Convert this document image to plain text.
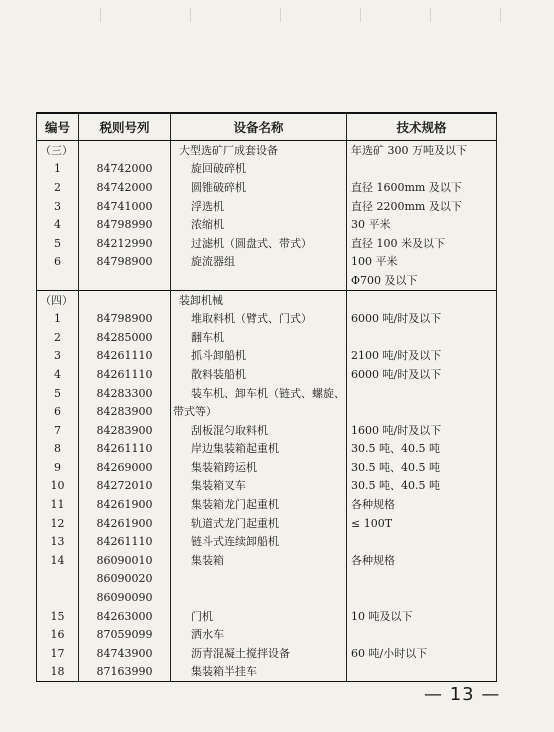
编号	税则号列	设备名称	技术规格
（三）		大型选矿厂成套设备	年选矿 300 万吨及以下
1	84742000	旋回破碎机	
2	84742000	圆锥破碎机	直径 1600mm 及以下
3	84741000	浮选机	直径 2200mm 及以下
4	84798990	浓缩机	30 平米
5	84212990	过滤机（圆盘式、带式）	直径 100 米及以下
6	84798900	旋流器组	100 平米
			Φ700 及以下
（四）		装卸机械	
1	84798900	堆取料机（臂式、门式）	6000 吨/时及以下
2	84285000	翻车机	
3	84261110	抓斗卸船机	2100 吨/时及以下
4	84261110	散料装船机	6000 吨/时及以下
5	84283300	装车机、卸车机（链式、螺旋、	
6	84283900	带式等）	
7	84283900	刮板混匀取料机	1600 吨/时及以下
8	84261110	岸边集装箱起重机	30.5 吨、40.5 吨
9	84269000	集装箱跨运机	30.5 吨、40.5 吨
10	84272010	集装箱叉车	30.5 吨、40.5 吨
11	84261900	集装箱龙门起重机	各种规格
12	84261900	轨道式龙门起重机	≤ 100T
13	84261110	链斗式连续卸船机	
14	86090010	集装箱	各种规格
	86090020		
	86090090		
15	84263000	门机	10 吨及以下
16	87059099	洒水车	
17	84743900	沥青混凝土搅拌设备	60 吨/小时以下
18	87163990	集装箱半挂车	
— 13 —
